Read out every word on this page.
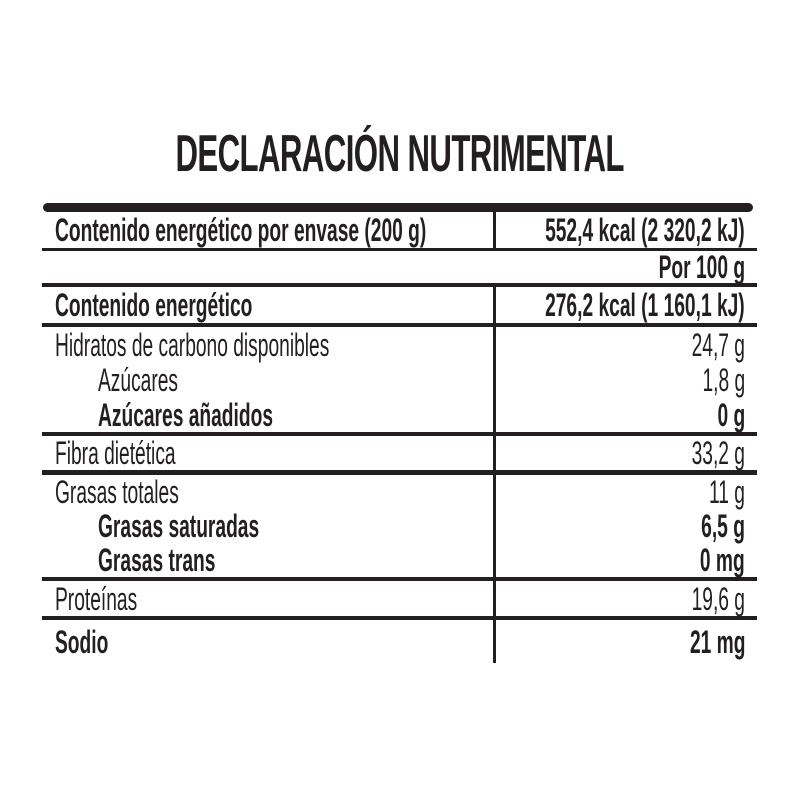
DECLARACIÓN NUTRIMENTAL
Contenido energético por envase (200 g)	552,4 kcal (2 320,2 kJ)
Por 100 g
Contenido energético	276,2 kcal (1 160,1 kJ)
Hidratos de carbono disponibles	24,7 g
Azúcares	1,8 g
Azúcares añadidos	0 g
Fibra dietética	33,2 g
Grasas totales	11 g
Grasas saturadas	6,5 g
Grasas trans	0 mg
Proteínas	19,6 g
Sodio	21 mg
